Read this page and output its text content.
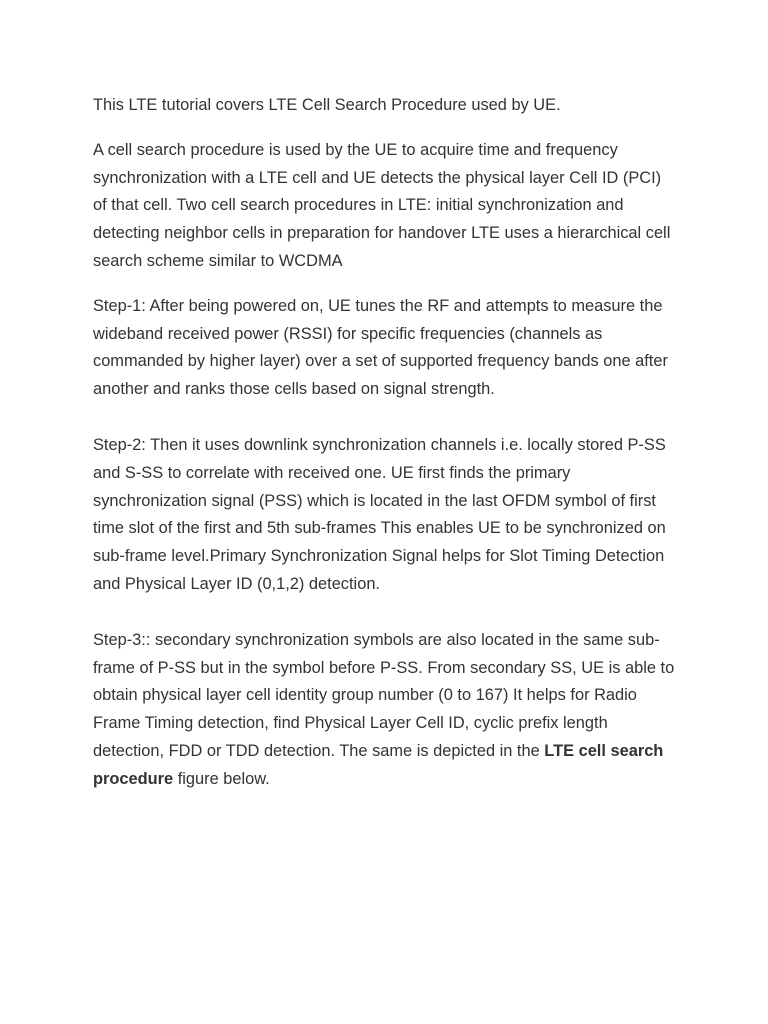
This LTE tutorial covers LTE Cell Search Procedure used by UE.

A cell search procedure is used by the UE to acquire time and frequency synchronization with a LTE cell and UE detects the physical layer Cell ID (PCI) of that cell. Two cell search procedures in LTE: initial synchronization and detecting neighbor cells in preparation for handover LTE uses a hierarchical cell search scheme similar to WCDMA

Step-1: After being powered on, UE tunes the RF and attempts to measure the wideband received power (RSSI) for specific frequencies (channels as commanded by higher layer) over a set of supported frequency bands one after another and ranks those cells based on signal strength.

Step-2: Then it uses downlink synchronization channels i.e. locally stored P-SS and S-SS to correlate with received one. UE first finds the primary synchronization signal (PSS) which is located in the last OFDM symbol of first time slot of the first and 5th sub-frames This enables UE to be synchronized on sub-frame level.Primary Synchronization Signal helps for Slot Timing Detection and Physical Layer ID (0,1,2) detection.

Step-3:: secondary synchronization symbols are also located in the same sub-frame of P-SS but in the symbol before P-SS. From secondary SS, UE is able to obtain physical layer cell identity group number (0 to 167) It helps for Radio Frame Timing detection, find Physical Layer Cell ID, cyclic prefix length detection, FDD or TDD detection. The same is depicted in the LTE cell search procedure figure below.
